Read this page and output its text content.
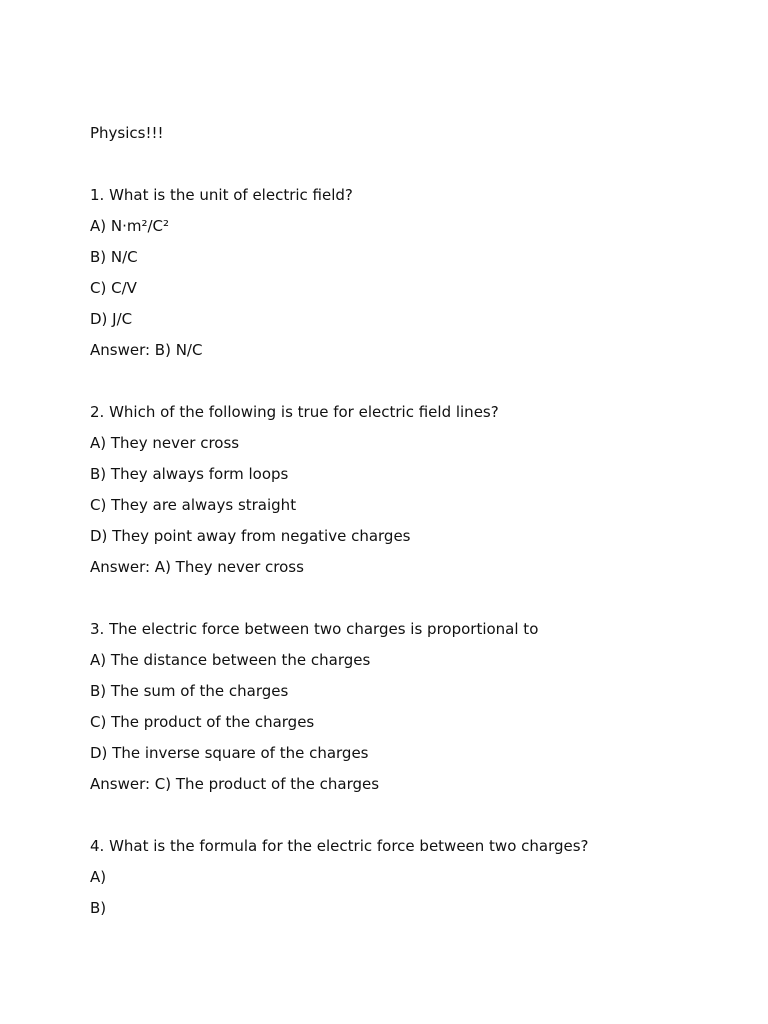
Physics!!!
1. What is the unit of electric field?
A) N·m²/C²
B) N/C
C) C/V
D) J/C
Answer: B) N/C
2. Which of the following is true for electric field lines?
A) They never cross
B) They always form loops
C) They are always straight
D) They point away from negative charges
Answer: A) They never cross
3. The electric force between two charges is proportional to
A) The distance between the charges
B) The sum of the charges
C) The product of the charges
D) The inverse square of the charges
Answer: C) The product of the charges
4. What is the formula for the electric force between two charges?
A)
B)
